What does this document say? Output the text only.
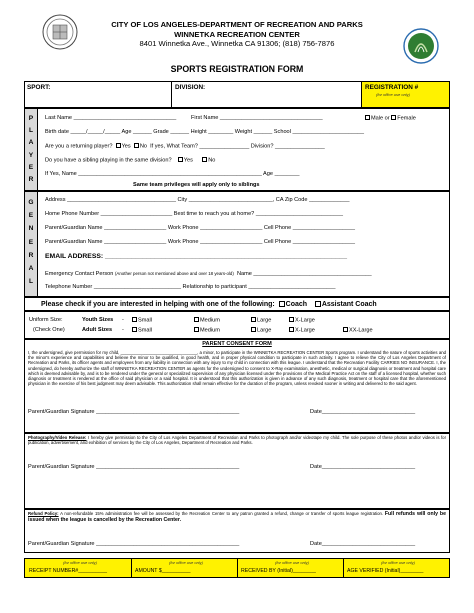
CITY OF LOS ANGELES-DEPARTMENT OF RECREATION AND PARKS
WINNETKA RECREATION CENTER
8401 Winnetka Ave., Winnetka CA 91306; (818) 756-7876
SPORTS REGISTRATION FORM
SPORT:	DIVISION:	REGISTRATION #
(for office use only)
P
L
A
Y
E
R
Last Name _________________________________	First Name _________________________________	Male or Female
Birth date _____/_____/_____ Age ______ Grade ______ Height ________ Weight ______ School _______________________
Are you a returning player? Yes No If yes, What Team? ________________ Division? ________________
Do you have a sibling playing in the same division? Yes	No
If Yes, Name ___________________________________________________________ Age ________
Same team privileges will apply only to siblings
G
E
N
E
R
A
L
Address ___________________________________ City ___________________________, CA Zip Code _____________
Home Phone Number _______________________ Best time to reach you at home? ____________________________
Parent/Guardian Name ____________________ Work Phone ____________________ Cell Phone ____________________
Parent/Guardian Name ____________________ Work Phone ____________________ Cell Phone ____________________
EMAIL ADDRESS: ________________________________________________________________
Emergency Contact Person (Another person not mentioned above and over 18 years-old) Name ______________________________________
Telephone Number ____________________________ Relationship to participant ____________________________
Please check if you are interested in helping with one of the following: Coach Assistant Coach
Uniform Size:
(Check One)
Youth Sizes
Adult Sizes
-
-
Small	Medium	Large	X-Large
Small	Medium	Large	X-Large	XX-Large
PARENT CONSENT FORM
I, the undersigned, give permission for my child, ________________________________, a minor, to participate in the WINNETKA RECREATION CENTER Sports program. I understand the nature of sports activities and the minor's experience and capabilities and believe the minor to be qualified, in good health, and in proper physical condition to participate in such activity. I agree to relieve the City of Los Angeles Department of Recreation and Parks, its officer agents and employees from any liability in connection with any injury to my child in connection with this league. I understand that the Recreation Facility CARRIES NO INSURANCE. I, the undersigned, do hereby authorize the staff of WINNETKA RECREATION CENTER as agents for the undersigned to consent to X-Ray examination, anesthetic, medical or surgical diagnosis or treatment and hospital care which is deemed advisable by, and is to be rendered under the general or specialized supervision of any physician licensed under the provisions of the Medical Practice Act on the staff of a licensed hospital, whether such diagnosis or treatment is rendered at the office of said physician or a said hospital. It is understood that this authorization is given in advance of any such diagnosis, treatment or hospital care that the aforementioned physician in the exercise of his best judgment may deem advisable. This authorization shall remain effective for the duration of the program, unless revoked sooner in writing and delivered to the said agent.
Parent/Guardian Signature ______________________________________________	Date______________________________
Photography/Video Release: I hereby give permission to the City of Los Angeles Department of Recreation and Parks to photograph and/or videotape my child. The sole purpose of these photos and/or videos is for publication, advertisement, and exhibition of services by the City of Los Angeles, Department of Recreation and Parks.
Parent/Guardian Signature ______________________________________________	Date______________________________
Refund Policy: A non-refundable 15% administration fee will be assessed by the Recreation Center to any patron granted a refund, change or transfer of sports league registration. Full refunds will only be issued when the league is cancelled by the Recreation Center.
Parent/Guardian Signature ______________________________________________	Date______________________________
(for office use only)	(for office use only)	(for office use only)	(for office use only)
RECEIPT NUMBER#__________	AMOUNT $__________	RECEIVED BY (Initial)________	AGE VERIFIED (Initial)________
